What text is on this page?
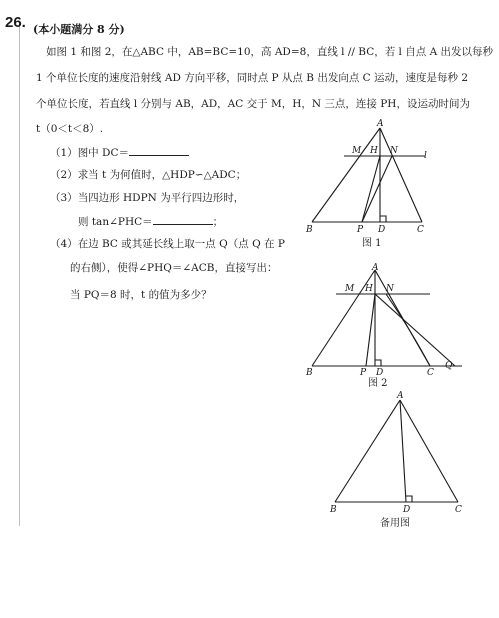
26. (本小题满分 8 分)
如图 1 和图 2，在△ABC 中，AB=BC=10，高 AD=8，直线 l // BC，若 l 自点 A 出发以每秒
1 个单位长度的速度沿射线 AD 方向平移，同时点 P 从点 B 出发向点 C 运动，速度是每秒 2
个单位长度，若直线 l 分别与 AB，AD，AC 交于 M，H，N 三点，连接 PH，设运动时间为
t（0＜t＜8）.
（1）图中 DC＝
（2）求当 t 为何值时，△HDP∽△ADC；
（3）当四边形 HDPN 为平行四边形时，
则 tan∠PHC＝	；
（4）在边 BC 或其延长线上取一点 Q（点 Q 在 P
的右侧），使得∠PHQ＝∠ACB，直接写出：
当 PQ＝8 时，t 的值为多少？
A
M H N	l
B	P D	C
图 1
A
M H N
B	P D	C
Q
图 2
A
B	D	C
备用图
